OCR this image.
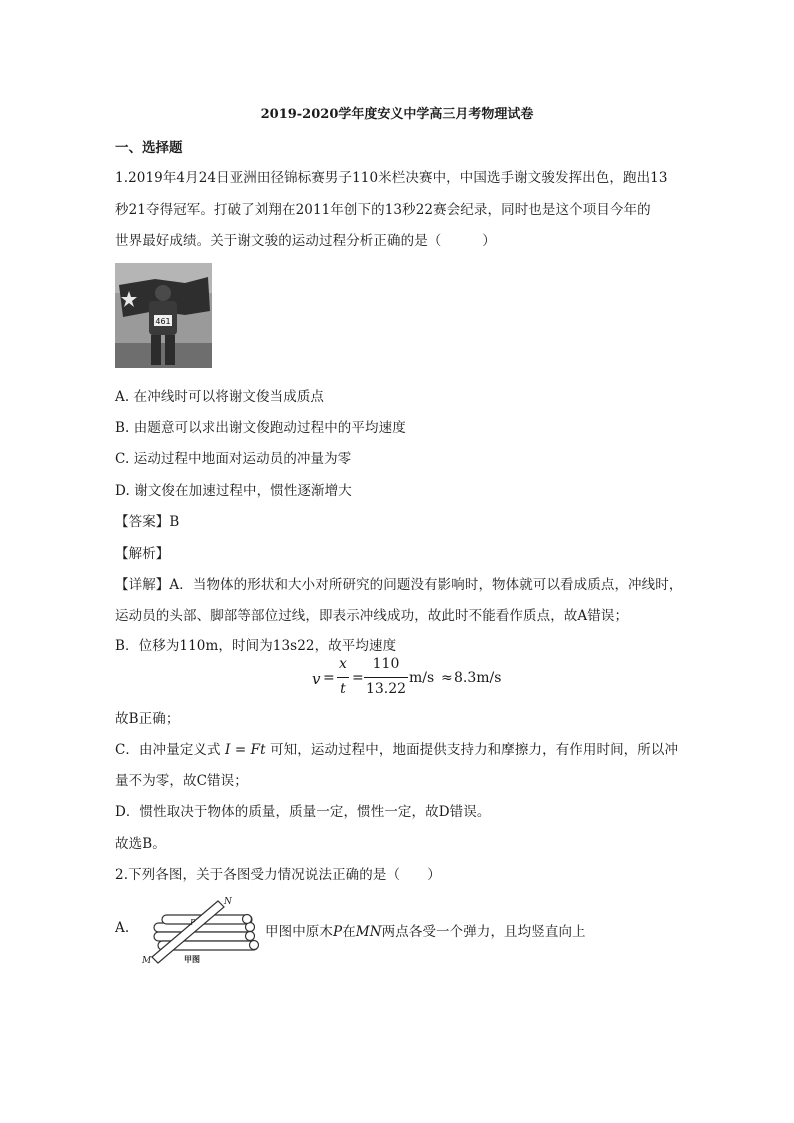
2019-2020学年度安义中学高三月考物理试卷
一、选择题
1.2019年4月24日亚洲田径锦标赛男子110米栏决赛中，中国选手谢文骏发挥出色，跑出13
秒21夺得冠军。打破了刘翔在2011年创下的13秒22赛会纪录，同时也是这个项目今年的
世界最好成绩。关于谢文骏的运动过程分析正确的是（　　　）
461
A. 在冲线时可以将谢文俊当成质点
B. 由题意可以求出谢文俊跑动过程中的平均速度
C. 运动过程中地面对运动员的冲量为零
D. 谢文俊在加速过程中，惯性逐渐增大
【答案】B
【解析】
【详解】A．当物体的形状和大小对所研究的问题没有影响时，物体就可以看成质点，冲线时，
运动员的头部、脚部等部位过线，即表示冲线成功，故此时不能看作质点，故A错误；
B．位移为110m，时间为13s22，故平均速度
v =
x
t
=
110
13.22
m/s ≈ 8.3m/s
故B正确；
C．由冲量定义式 I = Ft 可知，运动过程中，地面提供支持力和摩擦力，有作用时间，所以冲
量不为零，故C错误；
D．惯性取决于物体的质量，质量一定，惯性一定，故D错误。
故选B。
2.下列各图，关于各图受力情况说法正确的是（　　）
A.
N
P
M	甲图
甲图中原木P在MN两点各受一个弹力，且均竖直向上
